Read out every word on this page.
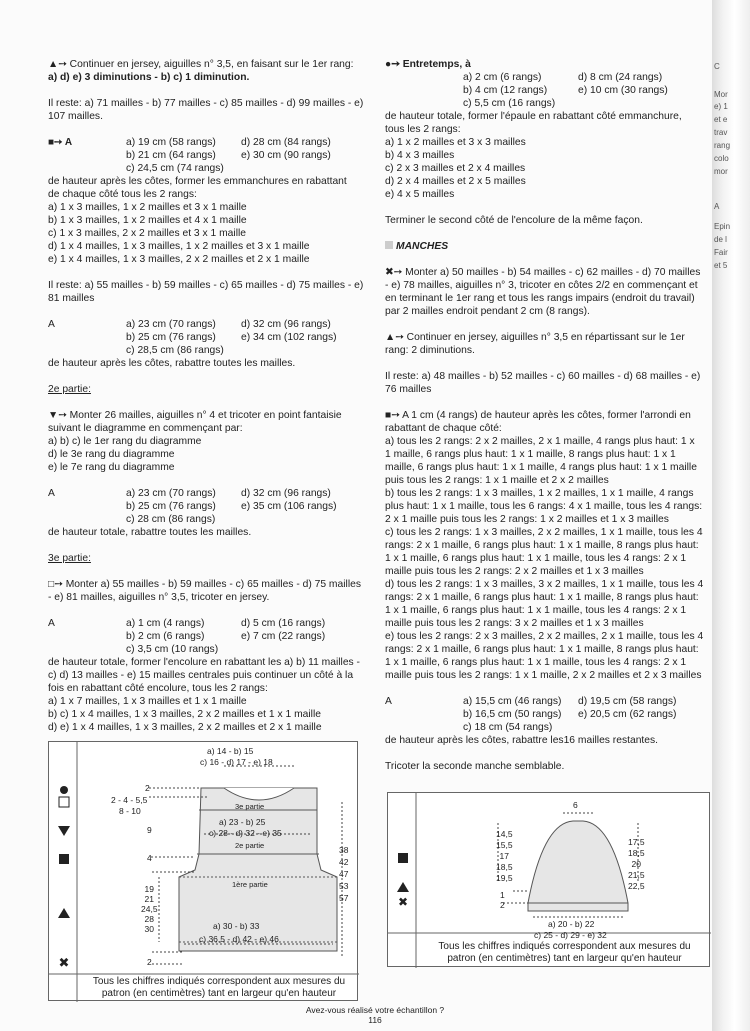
▲➙ Continuer en jersey, aiguilles n° 3,5, en faisant sur le 1er rang:
a) d) e) 3 diminutions - b) c) 1 diminution.
Il reste: a) 71 mailles - b) 77 mailles - c) 85 mailles - d) 99 mailles - e)
107 mailles.
■➙ A	a) 19 cm (58 rangs)	d) 28 cm (84 rangs)
b) 21 cm (64 rangs)	e) 30 cm (90 rangs)
c) 24,5 cm (74 rangs)
de hauteur après les côtes, former les emmanchures en rabattant
de chaque côté tous les 2 rangs:
a) 1 x 3 mailles, 1 x 2 mailles et 3 x 1 maille
b) 1 x 3 mailles, 1 x 2 mailles et 4 x 1 maille
c) 1 x 3 mailles, 2 x 2 mailles et 3 x 1 maille
d) 1 x 4 mailles, 1 x 3 mailles, 1 x 2 mailles et 3 x 1 maille
e) 1 x 4 mailles, 1 x 3 mailles, 2 x 2 mailles et 2 x 1 maille
Il reste: a) 55 mailles - b) 59 mailles - c) 65 mailles - d) 75 mailles - e)
81 mailles
A	a) 23 cm (70 rangs)	d) 32 cm (96 rangs)
b) 25 cm (76 rangs)	e) 34 cm (102 rangs)
c) 28,5 cm (86 rangs)
de hauteur après les côtes, rabattre toutes les mailles.
2e partie:
▼➙ Monter 26 mailles, aiguilles n° 4 et tricoter en point fantaisie
suivant le diagramme en commençant par:
a) b) c) le 1er rang du diagramme
d) le 3e rang du diagramme
e) le 7e rang du diagramme
A	a) 23 cm (70 rangs)	d) 32 cm (96 rangs)
b) 25 cm (76 rangs)	e) 35 cm (106 rangs)
c) 28 cm (86 rangs)
de hauteur totale, rabattre toutes les mailles.
3e partie:
□➙ Monter a) 55 mailles - b) 59 mailles - c) 65 mailles - d) 75 mailles
- e) 81 mailles, aiguilles n° 3,5, tricoter en jersey.
A	a) 1 cm (4 rangs)	d) 5 cm (16 rangs)
b) 2 cm (6 rangs)	e) 7 cm (22 rangs)
c) 3,5 cm (10 rangs)
de hauteur totale, former l'encolure en rabattant les a) b) 11 mailles -
c) d) 13 mailles - e) 15 mailles centrales puis continuer un côté à la
fois en rabattant côté encolure, tous les 2 rangs:
a) 1 x 7 mailles, 1 x 3 mailles et 1 x 1 maille
b) c) 1 x 4 mailles, 1 x 3 mailles, 2 x 2 mailles et 1 x 1 maille
d) e) 1 x 4 mailles, 1 x 3 mailles, 2 x 2 mailles et 2 x 1 maille
●➙ Entretemps, à
a) 2 cm (6 rangs)	d) 8 cm (24 rangs)
b) 4 cm (12 rangs)	e) 10 cm (30 rangs)
c) 5,5 cm (16 rangs)
de hauteur totale, former l'épaule en rabattant côté emmanchure,
tous les 2 rangs:
a) 1 x 2 mailles et 3 x 3 mailles
b) 4 x 3 mailles
c) 2 x 3 mailles et 2 x 4 mailles
d) 2 x 4 mailles et 2 x 5 mailles
e) 4 x 5 mailles
Terminer le second côté de l'encolure de la même façon.
MANCHES
✖➙ Monter a) 50 mailles - b) 54 mailles - c) 62 mailles - d) 70 mailles
- e) 78 mailles, aiguilles n° 3, tricoter en côtes 2/2 en commençant et
en terminant le 1er rang et tous les rangs impairs (endroit du travail)
par 2 mailles endroit pendant 2 cm (8 rangs).
▲➙ Continuer en jersey, aiguilles n° 3,5 en répartissant sur le 1er
rang: 2 diminutions.
Il reste: a) 48 mailles - b) 52 mailles - c) 60 mailles - d) 68 mailles - e)
76 mailles
■➙ A 1 cm (4 rangs) de hauteur après les côtes, former l'arrondi en
rabattant de chaque côté:
a) tous les 2 rangs: 2 x 2 mailles, 2 x 1 maille, 4 rangs plus haut: 1 x
1 maille, 6 rangs plus haut: 1 x 1 maille, 8 rangs plus haut: 1 x 1
maille, 6 rangs plus haut: 1 x 1 maille, 4 rangs plus haut: 1 x 1 maille
puis tous les 2 rangs: 1 x 1 maille et 2 x 2 mailles
b) tous les 2 rangs: 1 x 3 mailles, 1 x 2 mailles, 1 x 1 maille, 4 rangs
plus haut: 1 x 1 maille, tous les 6 rangs: 4 x 1 maille, tous les 4 rangs:
2 x 1 maille puis tous les 2 rangs: 1 x 2 mailles et 1 x 3 mailles
c) tous les 2 rangs: 1 x 3 mailles, 2 x 2 mailles, 1 x 1 maille, tous les 4
rangs: 2 x 1 maille, 6 rangs plus haut: 1 x 1 maille, 8 rangs plus haut:
1 x 1 maille, 6 rangs plus haut: 1 x 1 maille, tous les 4 rangs: 2 x 1
maille puis tous les 2 rangs: 2 x 2 mailles et 1 x 3 mailles
d) tous les 2 rangs: 1 x 3 mailles, 3 x 2 mailles, 1 x 1 maille, tous les 4
rangs: 2 x 1 maille, 6 rangs plus haut: 1 x 1 maille, 8 rangs plus haut:
1 x 1 maille, 6 rangs plus haut: 1 x 1 maille, tous les 4 rangs: 2 x 1
maille puis tous les 2 rangs: 3 x 2 mailles et 1 x 3 mailles
e) tous les 2 rangs: 2 x 3 mailles, 2 x 2 mailles, 2 x 1 maille, tous les 4
rangs: 2 x 1 maille, 6 rangs plus haut: 1 x 1 maille, 8 rangs plus haut:
1 x 1 maille, 6 rangs plus haut: 1 x 1 maille, tous les 4 rangs: 2 x 1
maille puis tous les 2 rangs: 1 x 1 maille, 2 x 2 mailles et 2 x 3 mailles
A	a) 15,5 cm (46 rangs)	d) 19,5 cm (58 rangs)
b) 16,5 cm (50 rangs)	e) 20,5 cm (62 rangs)
c) 18 cm (54 rangs)
de hauteur après les côtes, rabattre les16 mailles restantes.
Tricoter la seconde manche semblable.
✖
a) 14 - b) 15
c) 16 - d) 17 - e) 18
3e partie
a) 23 - b) 25
c) 28 - d) 32 - e) 35
2e partie
1ère partie
a) 30 - b) 33
c) 36,5 - d) 42 - e) 46
2
2 - 4 - 5,5
8 - 10
9
4
19
21
24,5
28
30
38
42
47
53
57
2
Tous les chiffres indiqués correspondent aux mesures du
patron (en centimètres) tant en largeur qu'en hauteur
✖
6
14,5
15,5
17
18,5
19,5
17,5
18,5
20
21,5
22,5
1
2
a) 20 - b) 22
c) 25 - d) 29 - e) 32
Tous les chiffres indiqués correspondent aux mesures du
patron (en centimètres) tant en largeur qu'en hauteur
C
Mor
e) 1
et e
trav
rang
colo
mor
A
Epin
de l
Fair
et 5
Avez-vous réalisé votre échantillon ?
116
